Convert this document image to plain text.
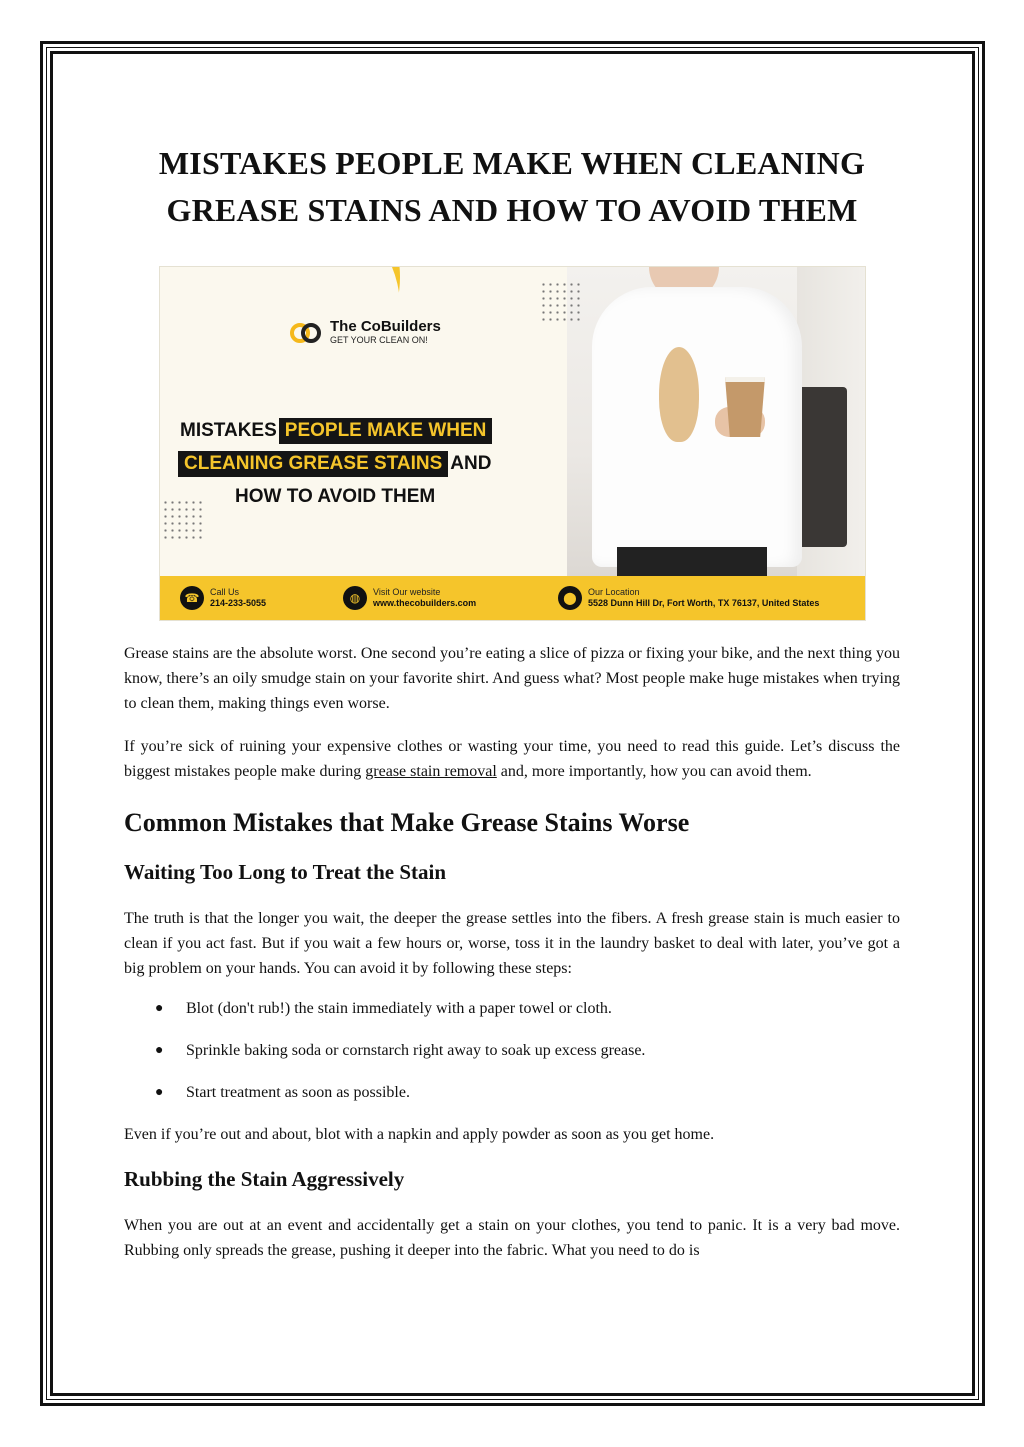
MISTAKES PEOPLE MAKE WHEN CLEANING GREASE STAINS AND HOW TO AVOID THEM
The CoBuilders
GET YOUR CLEAN ON!
MISTAKES PEOPLE MAKE WHEN
CLEANING GREASE STAINS AND
HOW TO AVOID THEM
☎	Call Us
214-233-5055	◍	Visit Our website
www.thecobuilders.com	⬤	Our Location
5528 Dunn Hill Dr, Fort Worth, TX 76137, United States

Grease stains are the absolute worst. One second you’re eating a slice of pizza or fixing your bike, and the next thing you know, there’s an oily smudge stain on your favorite shirt. And guess what? Most people make huge mistakes when trying to clean them, making things even worse.

If you’re sick of ruining your expensive clothes or wasting your time, you need to read this guide. Let’s discuss the biggest mistakes people make during grease stain removal and, more importantly, how you can avoid them.

Common Mistakes that Make Grease Stains Worse
Waiting Too Long to Treat the Stain

The truth is that the longer you wait, the deeper the grease settles into the fibers. A fresh grease stain is much easier to clean if you act fast. But if you wait a few hours or, worse, toss it in the laundry basket to deal with later, you’ve got a big problem on your hands. You can avoid it by following these steps:

● Blot (don't rub!) the stain immediately with a paper towel or cloth.
● Sprinkle baking soda or cornstarch right away to soak up excess grease.
● Start treatment as soon as possible.

Even if you’re out and about, blot with a napkin and apply powder as soon as you get home.

Rubbing the Stain Aggressively

When you are out at an event and accidentally get a stain on your clothes, you tend to panic. It is a very bad move. Rubbing only spreads the grease, pushing it deeper into the fabric. What you need to do is
